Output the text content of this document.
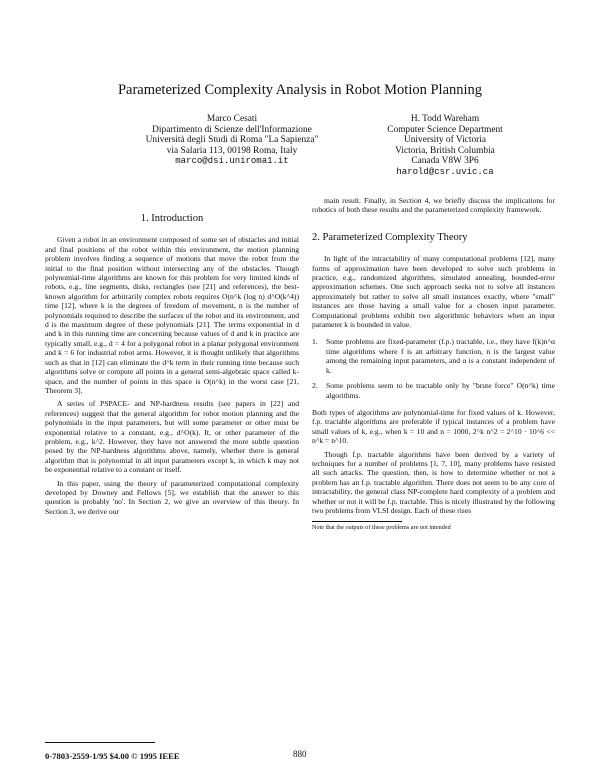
Parameterized Complexity Analysis in Robot Motion Planning
Marco Cesati
Dipartimento di Scienze dell'Informazione
Università degli Studi di Roma "La Sapienza"
via Salaria 113, 00198 Roma, Italy
marco@dsi.uniroma1.it
H. Todd Wareham
Computer Science Department
University of Victoria
Victoria, British Columbia
Canada V8W 3P6
harold@csr.uvic.ca
1. Introduction

Given a robot in an environment composed of some set of obstacles and initial and final positions of the robot within this environment, the motion planning problem involves finding a sequence of motions that move the robot from the initial to the final position without intersecting any of the obstacles. Though polynomial-time algorithms are known for this problem for very limited kinds of robots, e.g., line segments, disks, rectangles (see [21] and references), the best-known algorithm for arbitrarily complex robots requires O(n^k (log n) d^O(k^4)) time [12], where k is the degrees of freedom of movement, n is the number of polynomials required to describe the surfaces of the robot and its environment, and d is the maximum degree of these polynomials [21]. The terms exponential in d and k in this running time are concerning because values of d and k in practice are typically small, e.g., d = 4 for a polygonal robot in a planar polygonal environment and k = 6 for industrial robot arms. However, it is thought unlikely that algorithms such as that in [12] can eliminate the d^k term in their running time because such algorithms solve or compute all points in a general semi-algebraic space called k-space, and the number of points in this space is O(n^k) in the worst case [21, Theorem 3].

A series of PSPACE- and NP-hardness results (see papers in [22] and references) suggest that the general algorithm for robot motion planning and the polynomials in the input parameters, but will some parameter or other must be exponential relative to a constant, e.g., d^O(k). It, or other parameter of the problem, e.g., k^2. However, they have not answered the more subtle question posed by the NP-hardness algorithms above, namely, whether there is general algorithm that is polynomial in all input parameters except k, in which k may not be exponential relative to a constant or itself.

In this paper, using the theory of parameterized computational complexity developed by Downey and Fellows [5], we establish that the answer to this question is probably 'no'. In Section 2, we give an overview of this theory. In Section 3, we derive our

main result. Finally, in Section 4, we briefly discuss the implications for robotics of both these results and the parameterized complexity framework.

2. Parameterized Complexity Theory

In light of the intractability of many computational problems [12], many forms of approximation have been developed to solve such problems in practice, e.g., randomized algorithms, simulated annealing, bounded-error approximation schemes. One such approach seeks not to solve all instances approximately but rather to solve all small instances exactly, where "small" instances are those having a small value for a chosen input parameter. Computational problems exhibit two algorithmic behaviors when an input parameter k is bounded in value.

1.	Some problems are fixed-parameter (f.p.) tractable, i.e., they have f(k)n^α time algorithms where f is an arbitrary function, n is the largest value among the remaining input parameters, and α is a constant independent of k.
2.	Some problems seem to be tractable only by "brute force" O(n^k) time algorithms.

Both types of algorithms are polynomial-time for fixed values of k. However, f.p. tractable algorithms are preferable if typical instances of a problem have small values of k, e.g., when k = 10 and n = 1000, 2^k n^2 = 2^10 · 10^6 << n^k = n^10.

Though f.p. tractable algorithms have been derived by a variety of techniques for a number of problems [1, 7, 10], many problems have resisted all such attacks. The question, then, is how to determine whether or not a problem has an f.p. tractable algorithm. There does not seem to be any core of intractability, the general class NP-complete hard complexity of a problem and whether or not it will be f.p. tractable. This is nicely illustrated by the following two problems from VLSI design. Each of these rises

Note that the outputs of these problems are not intended
0-7803-2559-1/95 $4.00 © 1995 IEEE	880
